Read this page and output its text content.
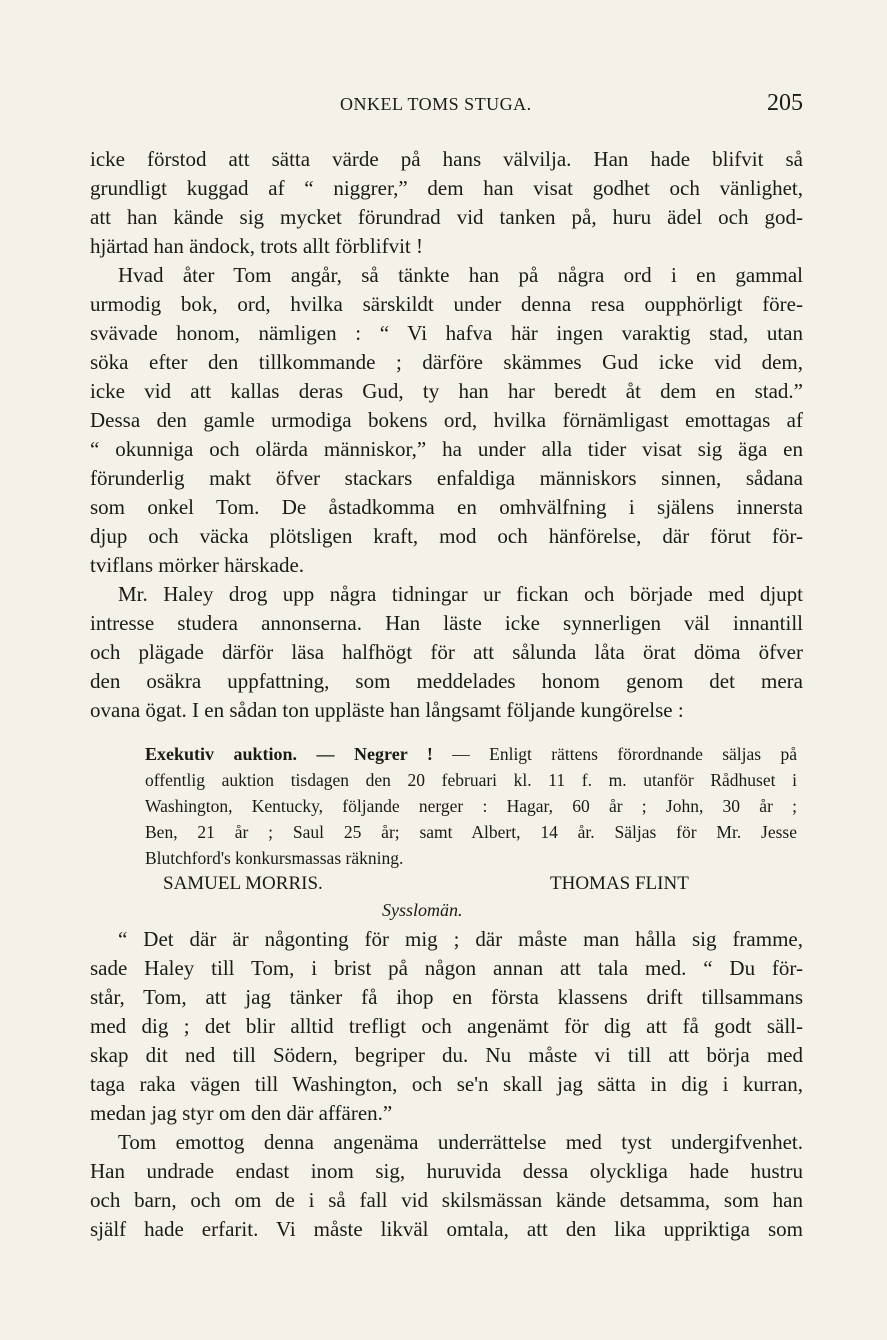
ONKEL TOMS STUGA.	205
icke förstod att sätta värde på hans välvilja. Han hade blifvit så
grundligt kuggad af “ niggrer,” dem han visat godhet och vänlighet,
att han kände sig mycket förundrad vid tanken på, huru ädel och god-
hjärtad han ändock, trots allt förblifvit !
Hvad åter Tom angår, så tänkte han på några ord i en gammal
urmodig bok, ord, hvilka särskildt under denna resa oupphörligt före-
svävade honom, nämligen : “ Vi hafva här ingen varaktig stad, utan
söka efter den tillkommande ; därföre skämmes Gud icke vid dem,
icke vid att kallas deras Gud, ty han har beredt åt dem en stad.”
Dessa den gamle urmodiga bokens ord, hvilka förnämligast emottagas af
“ okunniga och olärda människor,” ha under alla tider visat sig äga en
förunderlig makt öfver stackars enfaldiga människors sinnen, sådana
som onkel Tom. De åstadkomma en omhvälfning i själens innersta
djup och väcka plötsligen kraft, mod och hänförelse, där förut för-
tviflans mörker härskade.
Mr. Haley drog upp några tidningar ur fickan och började med djupt
intresse studera annonserna. Han läste icke synnerligen väl innantill
och plägade därför läsa halfhögt för att sålunda låta örat döma öfver
den osäkra uppfattning, som meddelades honom genom det mera
ovana ögat. I en sådan ton uppläste han långsamt följande kungörelse :
Exekutiv auktion. — Negrer ! — Enligt rättens förordnande säljas på
offentlig auktion tisdagen den 20 februari kl. 11 f. m. utanför Rådhuset i
Washington, Kentucky, följande nerger : Hagar, 60 år ; John, 30 år ;
Ben, 21 år ; Saul 25 år; samt Albert, 14 år. Säljas för Mr. Jesse
Blutchford's konkursmassas räkning.
SAMUEL MORRIS.	THOMAS FLINT
Sysslomän.
“ Det där är någonting för mig ; där måste man hålla sig framme,
sade Haley till Tom, i brist på någon annan att tala med. “ Du för-
står, Tom, att jag tänker få ihop en första klassens drift tillsammans
med dig ; det blir alltid trefligt och angenämt för dig att få godt säll-
skap dit ned till Södern, begriper du. Nu måste vi till att börja med
taga raka vägen till Washington, och se'n skall jag sätta in dig i kurran,
medan jag styr om den där affären.”
Tom emottog denna angenäma underrättelse med tyst undergifvenhet.
Han undrade endast inom sig, huruvida dessa olyckliga hade hustru
och barn, och om de i så fall vid skilsmässan kände detsamma, som han
själf hade erfarit. Vi måste likväl omtala, att den lika uppriktiga som
